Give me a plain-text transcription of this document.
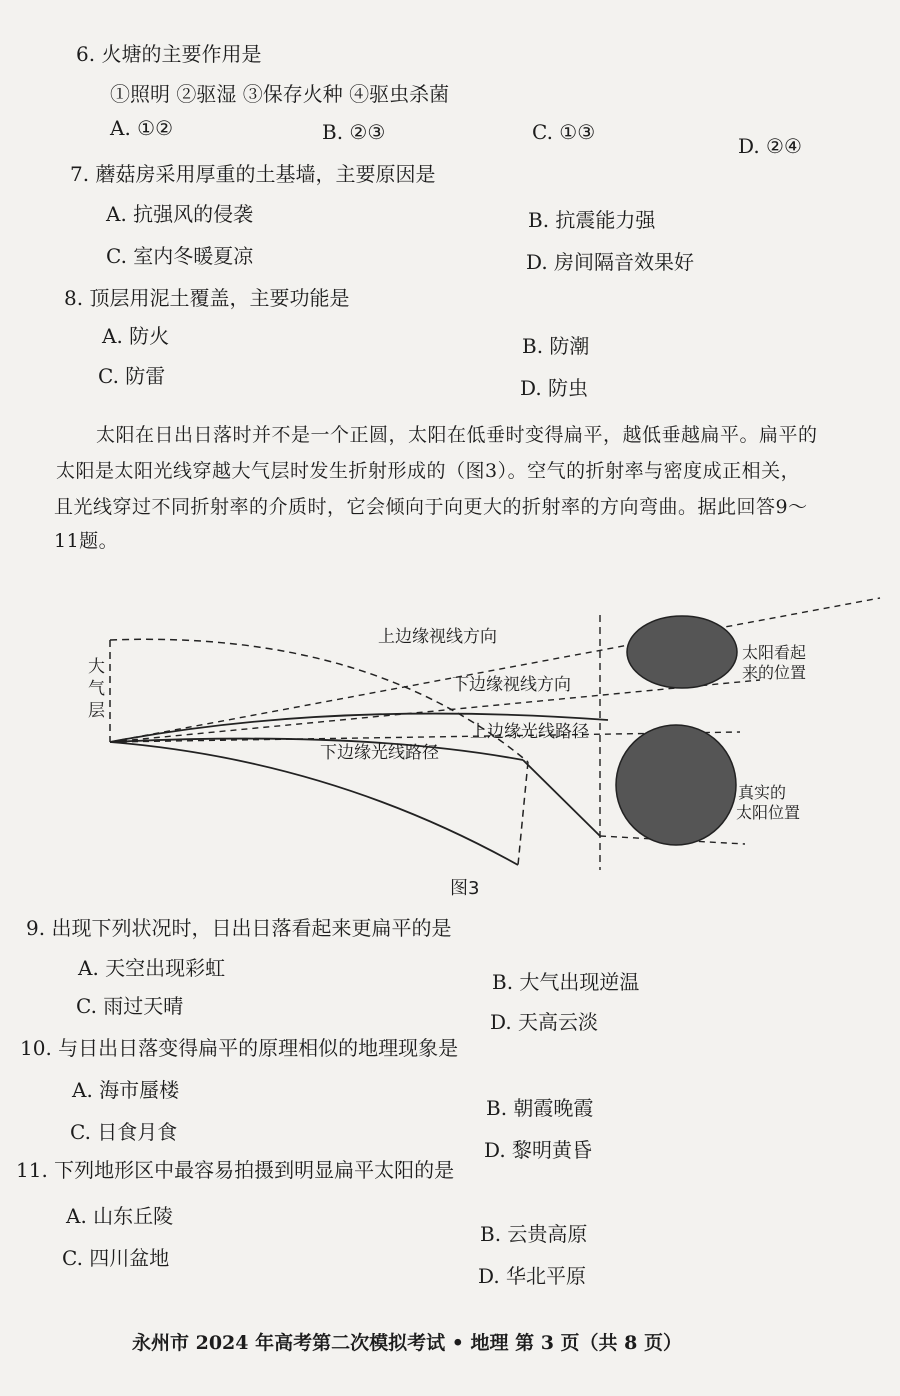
6. 火塘的主要作用是
①照明 ②驱湿 ③保存火种 ④驱虫杀菌
A. ①②	B. ②③	C. ①③
D. ②④
7. 蘑菇房采用厚重的土基墙，主要原因是
A. 抗强风的侵袭	B. 抗震能力强
C. 室内冬暖夏凉	D. 房间隔音效果好
8. 顶层用泥土覆盖，主要功能是
A. 防火	B. 防潮
C. 防雷	D. 防虫
太阳在日出日落时并不是一个正圆，太阳在低垂时变得扁平，越低垂越扁平。扁平的
太阳是太阳光线穿越大气层时发生折射形成的（图3）。空气的折射率与密度成正相关，
且光线穿过不同折射率的介质时，它会倾向于向更大的折射率的方向弯曲。据此回答9～
11题。
大
气
层
上边缘视线方向
下边缘视线方向
上边缘光线路径
下边缘光线路径
太阳看起
来的位置
真实的
太阳位置
图3
9. 出现下列状况时，日出日落看起来更扁平的是
A. 天空出现彩虹
B. 大气出现逆温
C. 雨过天晴
D. 天高云淡
10. 与日出日落变得扁平的原理相似的地理现象是
A. 海市蜃楼
B. 朝霞晚霞
C. 日食月食
D. 黎明黄昏
11. 下列地形区中最容易拍摄到明显扁平太阳的是
A. 山东丘陵
B. 云贵高原
C. 四川盆地
D. 华北平原
永州市 2024 年高考第二次模拟考试 • 地理 第 3 页（共 8 页）
